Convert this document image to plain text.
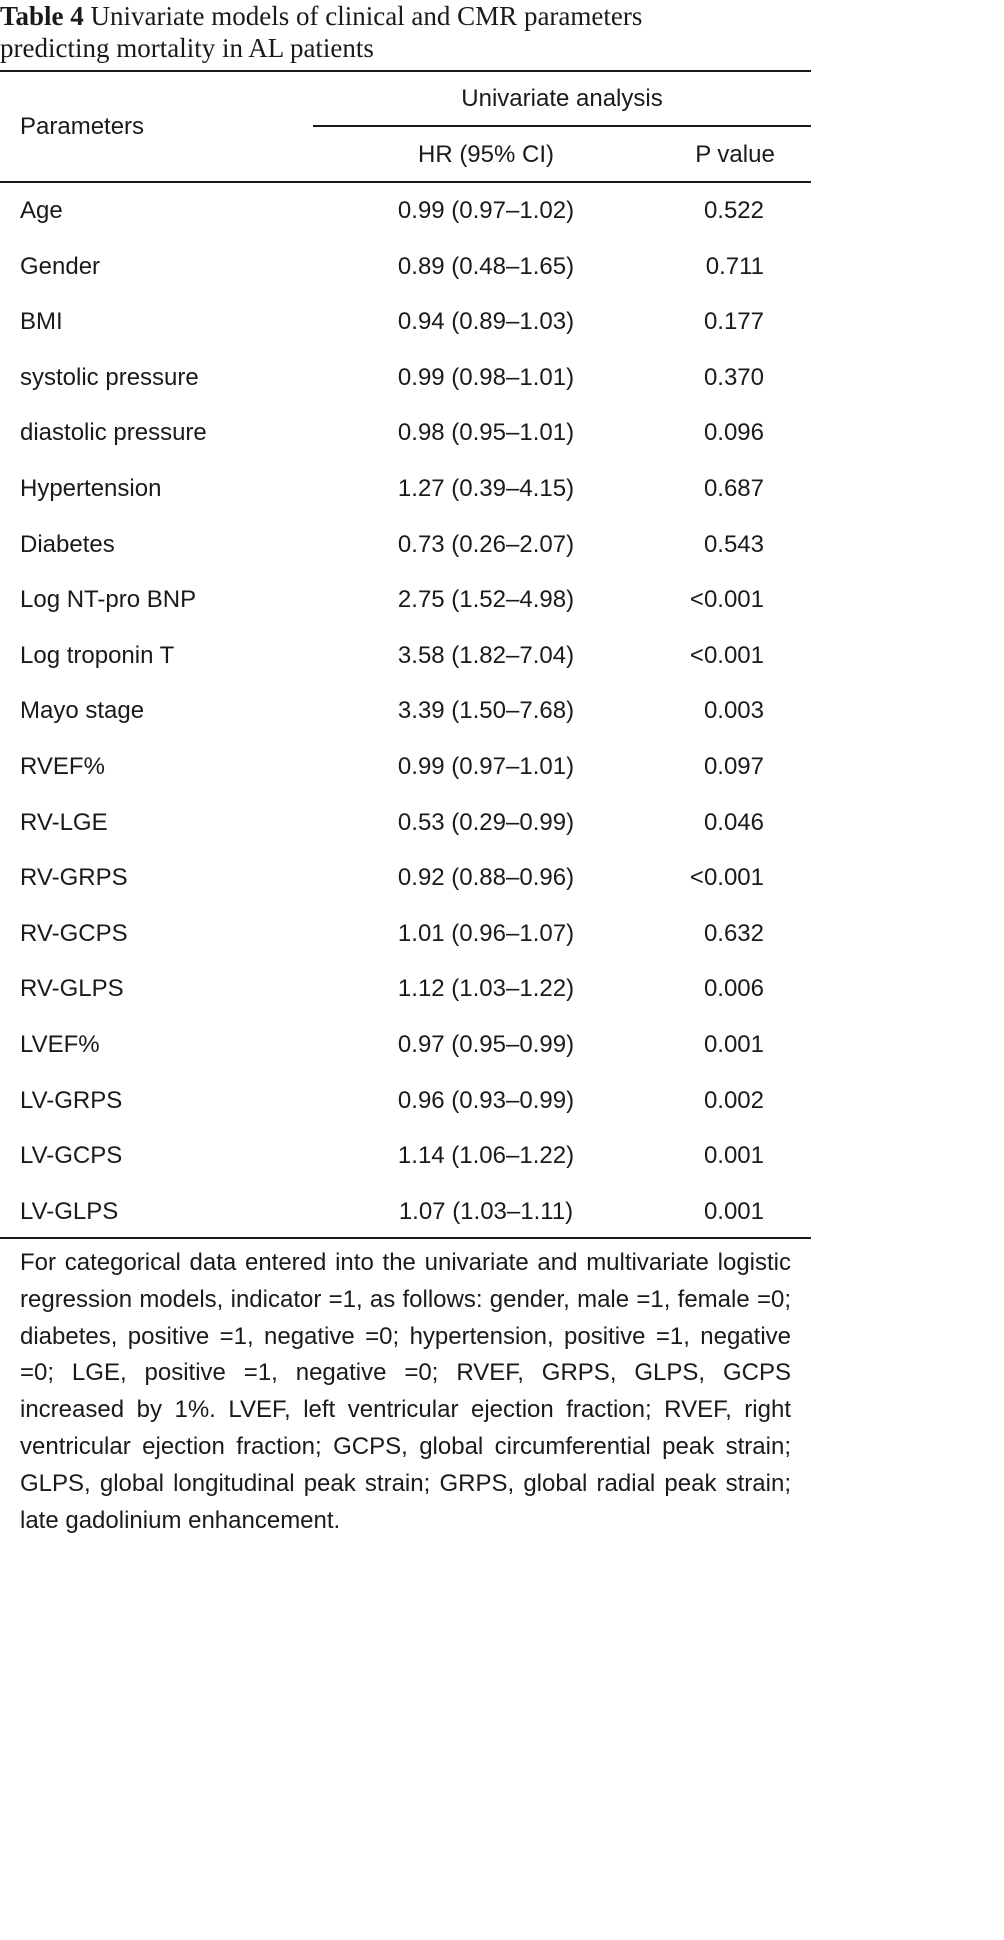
Table 4 Univariate models of clinical and CMR parameters
predicting mortality in AL patients

Parameters
Univariate analysis
HR (95% CI)	P value
Age	0.99 (0.97–1.02)	0.522
Gender	0.89 (0.48–1.65)	0.711
BMI	0.94 (0.89–1.03)	0.177
systolic pressure	0.99 (0.98–1.01)	0.370
diastolic pressure	0.98 (0.95–1.01)	0.096
Hypertension	1.27 (0.39–4.15)	0.687
Diabetes	0.73 (0.26–2.07)	0.543
Log NT-pro BNP	2.75 (1.52–4.98)	<0.001
Log troponin T	3.58 (1.82–7.04)	<0.001
Mayo stage	3.39 (1.50–7.68)	0.003
RVEF%	0.99 (0.97–1.01)	0.097
RV-LGE	0.53 (0.29–0.99)	0.046
RV-GRPS	0.92 (0.88–0.96)	<0.001
RV-GCPS	1.01 (0.96–1.07)	0.632
RV-GLPS	1.12 (1.03–1.22)	0.006
LVEF%	0.97 (0.95–0.99)	0.001
LV-GRPS	0.96 (0.93–0.99)	0.002
LV-GCPS	1.14 (1.06–1.22)	0.001
LV-GLPS	1.07 (1.03–1.11)	0.001

For categorical data entered into the univariate and multivariate logistic regression models, indicator =1, as follows: gender, male =1, female =0; diabetes, positive =1, negative =0; hypertension, positive =1, negative =0; LGE, positive =1, negative =0; RVEF, GRPS, GLPS, GCPS increased by 1%. LVEF, left ventricular ejection fraction; RVEF, right ventricular ejection fraction; GCPS, global circumferential peak strain; GLPS, global longitudinal peak strain; GRPS, global radial peak strain; late gadolinium enhancement.
